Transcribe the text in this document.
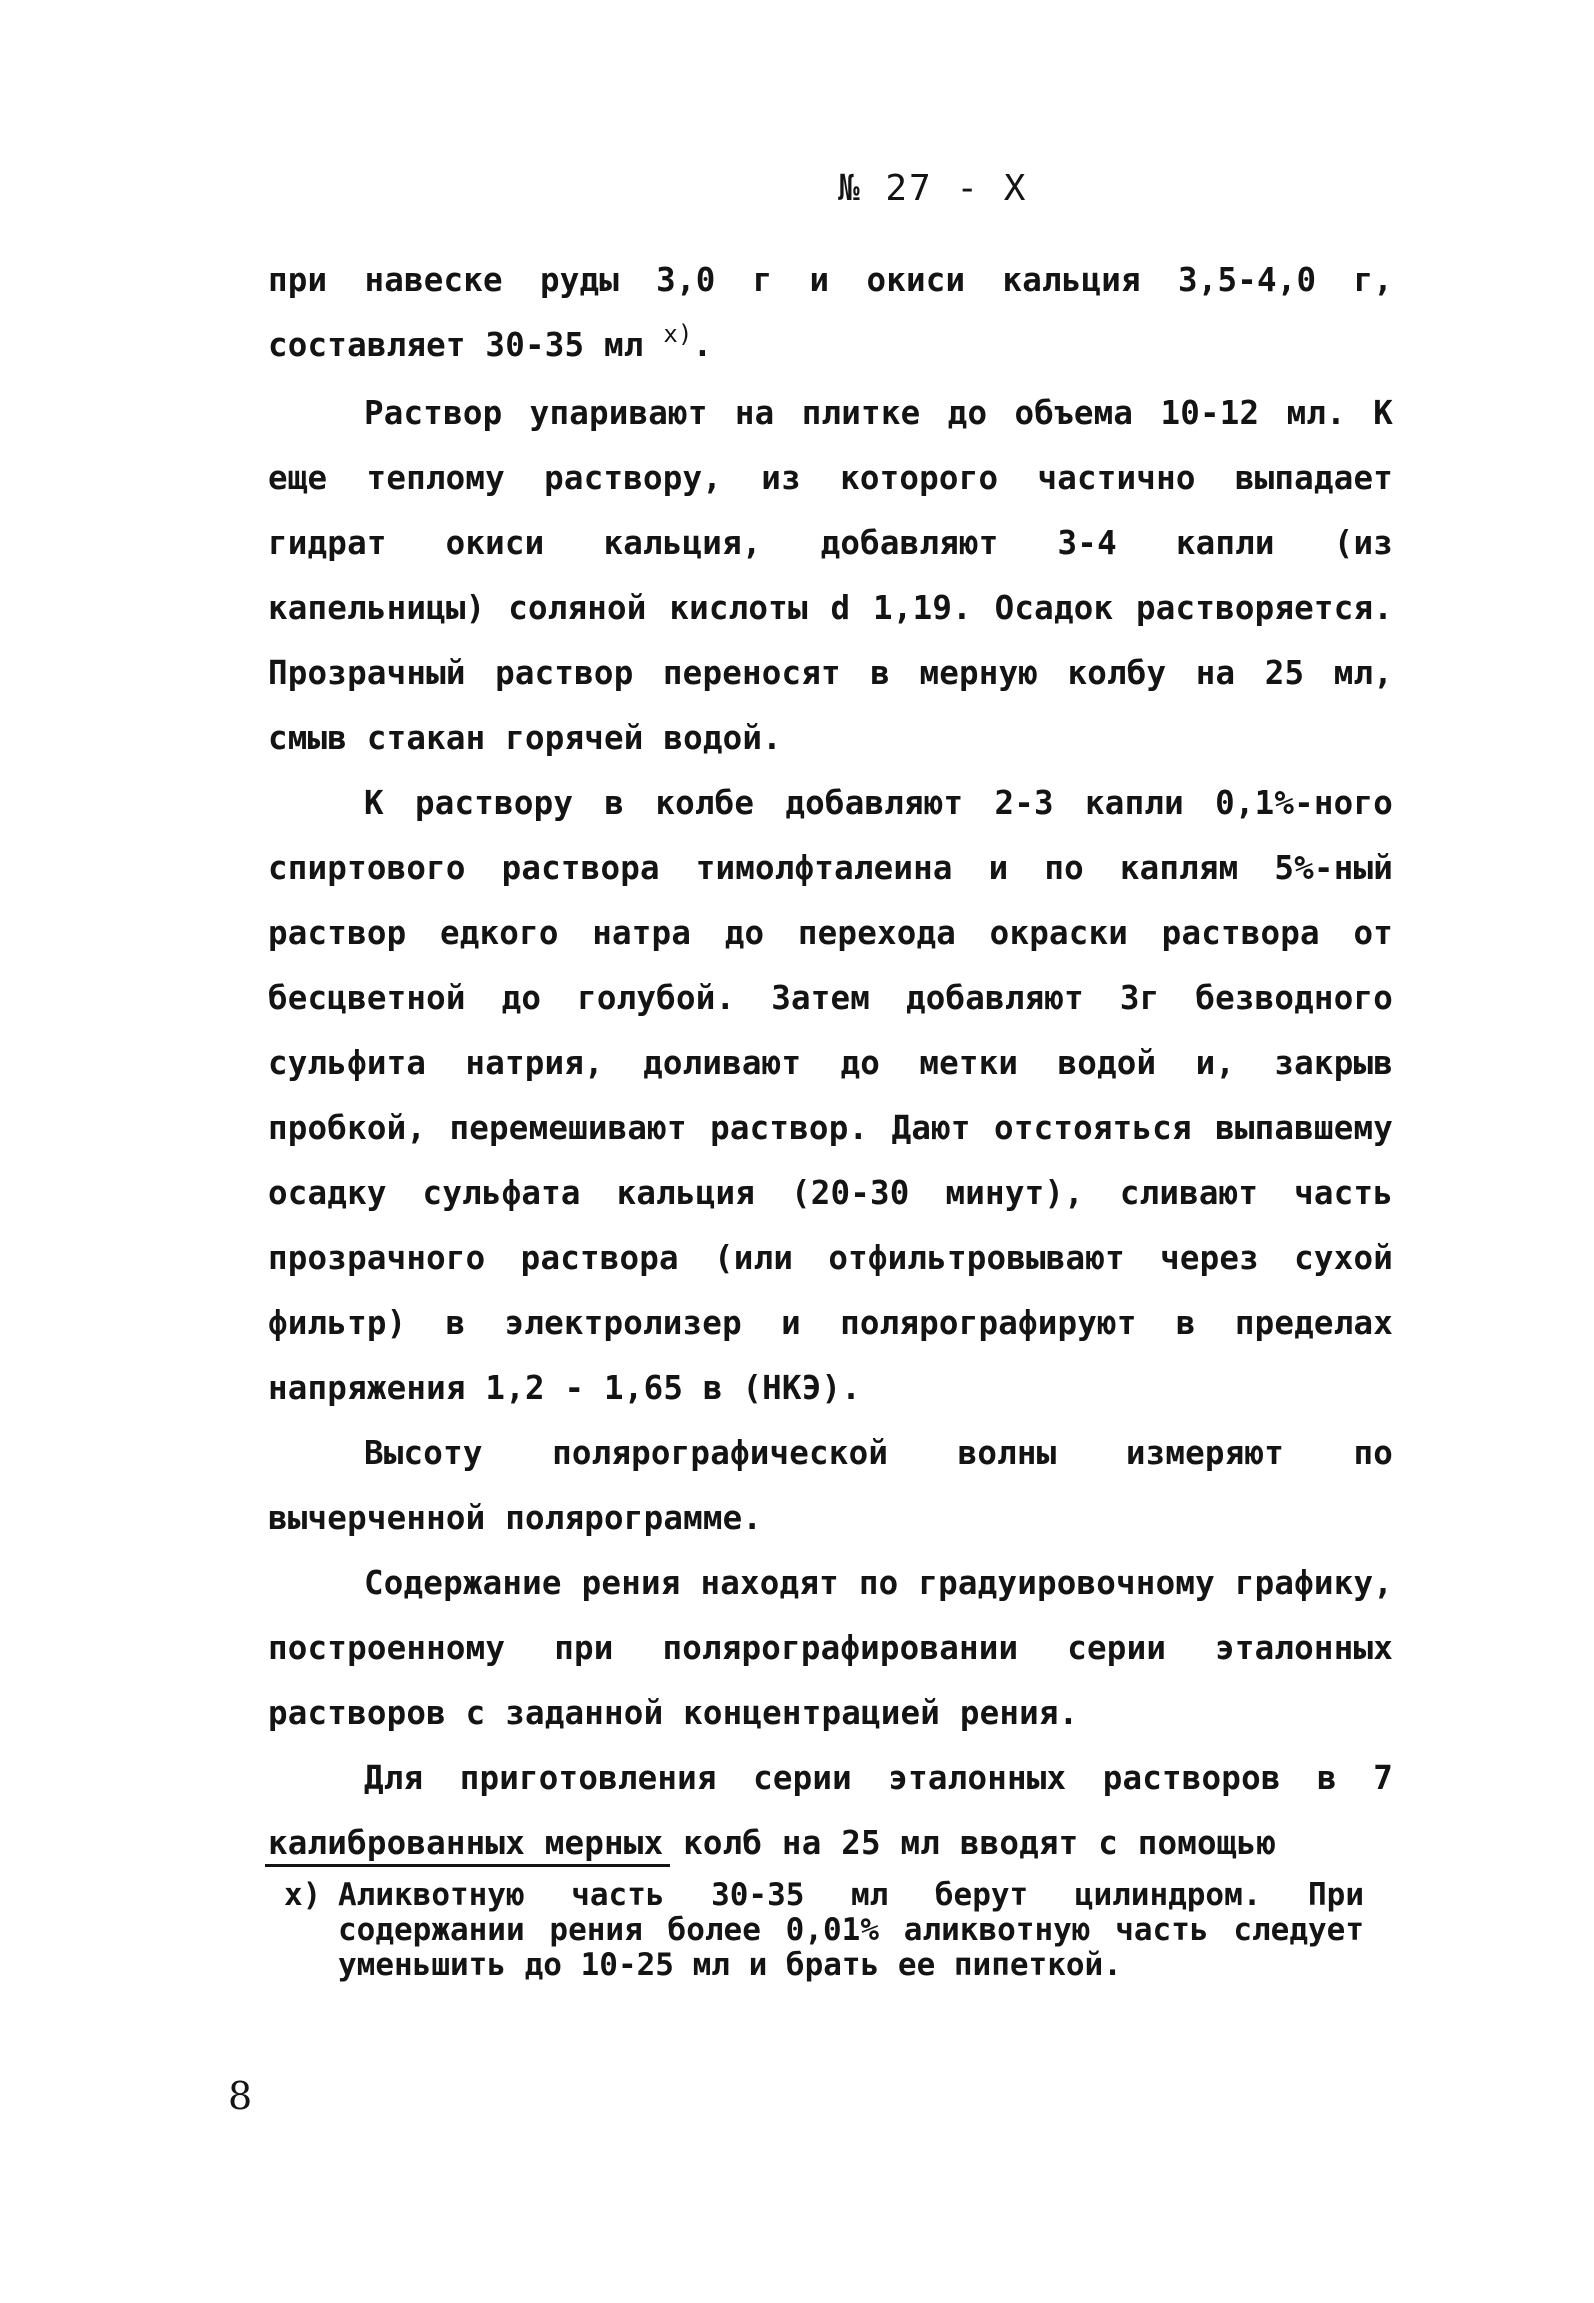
№ 27 - X

при навеске руды 3,0 г и окиси кальция 3,5-4,0 г, составляет 30-35 мл $^{x)}$.

Раствор упаривают на плитке до объема 10-12 мл. К еще теплому раствору, из которого частично выпадает гидрат окиси кальция, добавляют 3-4 капли (из капельницы) соляной кислоты d 1,19. Осадок растворяется. Прозрачный раствор переносят в мерную колбу на 25 мл, смыв стакан горячей водой.

К раствору в колбе добавляют 2-3 капли 0,1%-ного спиртового раствора тимолфталеина и по каплям 5%-ный раствор едкого натра до перехода окраски раствора от бесцветной до голубой. Затем добавляют 3г безводного сульфита натрия, доливают до метки водой и, закрыв пробкой, перемешивают раствор. Дают отстояться выпавшему осадку сульфата кальция (20-30 минут), сливают часть прозрачного раствора (или отфильтровывают через сухой фильтр) в электролизер и полярографируют в пределах напряжения 1,2 - 1,65 в (НКЭ).

Высоту полярографической волны измеряют по вычерченной полярограмме.

Содержание рения находят по градуировочному графику, построенному при полярографировании серии эталонных растворов с заданной концентрацией рения.

Для приготовления серии эталонных растворов в 7 калиброванных мерных колб на 25 мл вводят с помощью

x) Аликвотную часть 30-35 мл берут цилиндром. При содержании рения более 0,01% аликвотную часть следует уменьшить до 10-25 мл и брать ее пипеткой.
8
